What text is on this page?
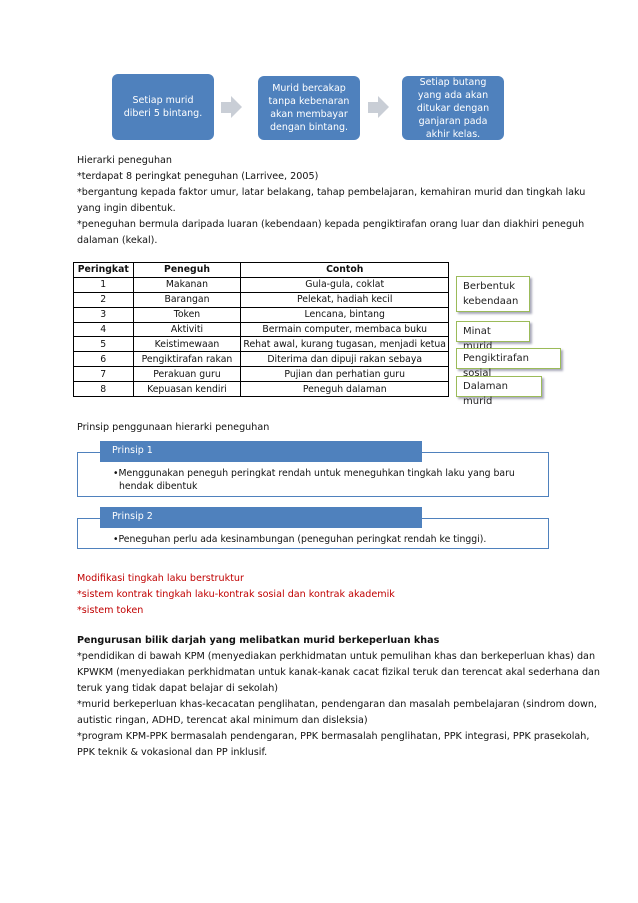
Setiap murid diberi 5 bintang.
Murid bercakap tanpa kebenaran akan membayar dengan bintang.
Setiap butang yang ada akan ditukar dengan ganjaran pada akhir kelas.
Hierarki peneguhan
*terdapat 8 peringkat peneguhan (Larrivee, 2005)
*bergantung kepada faktor umur, latar belakang, tahap pembelajaran, kemahiran murid dan tingkah laku
yang ingin dibentuk.
*peneguhan bermula daripada luaran (kebendaan) kepada pengiktirafan orang luar dan diakhiri peneguh
dalaman (kekal).
Peringkat	Peneguh	Contoh
1	Makanan	Gula-gula, coklat
2	Barangan	Pelekat, hadiah kecil
3	Token	Lencana, bintang
4	Aktiviti	Bermain computer, membaca buku
5	Keistimewaan	Rehat awal, kurang tugasan, menjadi ketua
6	Pengiktirafan rakan	Diterima dan dipuji rakan sebaya
7	Perakuan guru	Pujian dan perhatian guru
8	Kepuasan kendiri	Peneguh dalaman
Berbentuk
kebendaan
Minat murid
Pengiktirafan sosial
Dalaman murid
Prinsip penggunaan hierarki peneguhan
Prinsip 1
•Menggunakan peneguh peringkat rendah untuk meneguhkan tingkah laku yang baru
hendak dibentuk
Prinsip 2
•Peneguhan perlu ada kesinambungan (peneguhan peringkat rendah ke tinggi).
Modifikasi tingkah laku berstruktur
*sistem kontrak tingkah laku-kontrak sosial dan kontrak akademik
*sistem token
Pengurusan bilik darjah yang melibatkan murid berkeperluan khas
*pendidikan di bawah KPM (menyediakan perkhidmatan untuk pemulihan khas dan berkeperluan khas) dan
KPWKM (menyediakan perkhidmatan untuk kanak-kanak cacat fizikal teruk dan terencat akal sederhana dan
teruk yang tidak dapat belajar di sekolah)
*murid berkeperluan khas-kecacatan penglihatan, pendengaran dan masalah pembelajaran (sindrom down,
autistic ringan, ADHD, terencat akal minimum dan disleksia)
*program KPM-PPK bermasalah pendengaran, PPK bermasalah penglihatan, PPK integrasi, PPK prasekolah,
PPK teknik & vokasional dan PP inklusif.
